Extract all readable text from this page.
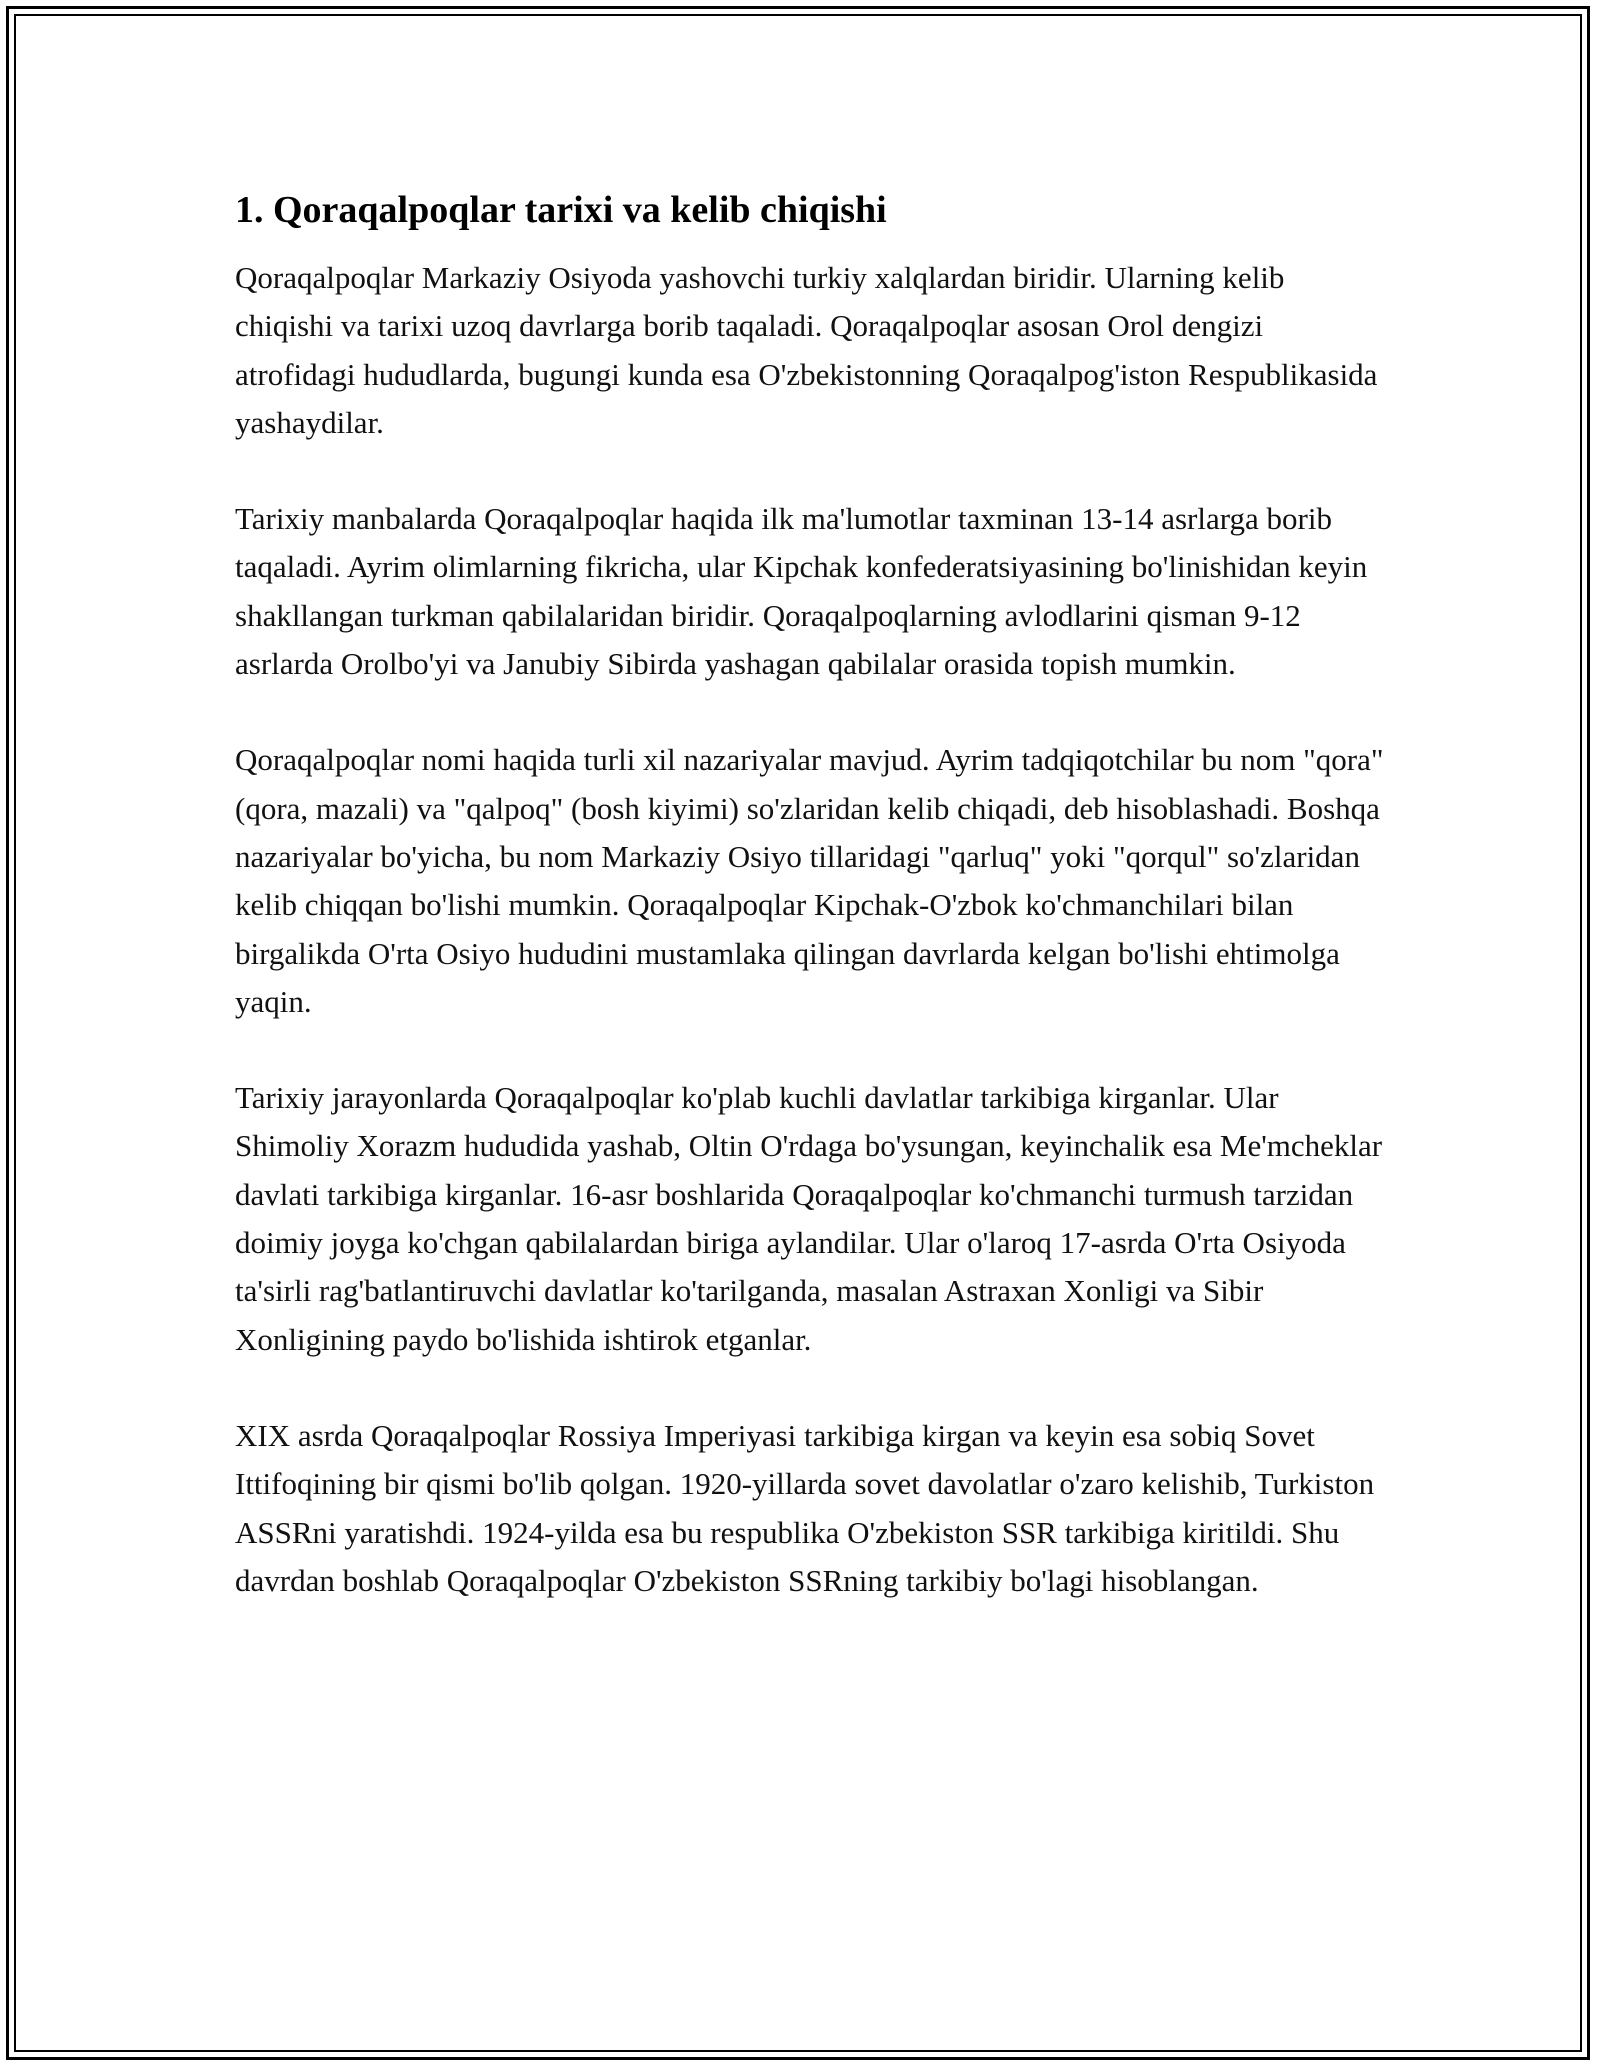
1. Qoraqalpoqlar tarixi va kelib chiqishi

Qoraqalpoqlar Markaziy Osiyoda yashovchi turkiy xalqlardan biridir. Ularning kelib chiqishi va tarixi uzoq davrlarga borib taqaladi. Qoraqalpoqlar asosan Orol dengizi atrofidagi hududlarda, bugungi kunda esa O'zbekistonning Qoraqalpog'iston Respublikasida yashaydilar.

Tarixiy manbalarda Qoraqalpoqlar haqida ilk ma'lumotlar taxminan 13-14 asrlarga borib taqaladi. Ayrim olimlarning fikricha, ular Kipchak konfederatsiyasining bo'linishidan keyin shakllangan turkman qabilalaridan biridir. Qoraqalpoqlarning avlodlarini qisman 9-12 asrlarda Orolbo'yi va Janubiy Sibirda yashagan qabilalar orasida topish mumkin.

Qoraqalpoqlar nomi haqida turli xil nazariyalar mavjud. Ayrim tadqiqotchilar bu nom "qora" (qora, mazali) va "qalpoq" (bosh kiyimi) so'zlaridan kelib chiqadi, deb hisoblashadi. Boshqa nazariyalar bo'yicha, bu nom Markaziy Osiyo tillaridagi "qarluq" yoki "qorqul" so'zlaridan kelib chiqqan bo'lishi mumkin. Qoraqalpoqlar Kipchak-O'zbok ko'chmanchilari bilan birgalikda O'rta Osiyo hududini mustamlaka qilingan davrlarda kelgan bo'lishi ehtimolga yaqin.

Tarixiy jarayonlarda Qoraqalpoqlar ko'plab kuchli davlatlar tarkibiga kirganlar. Ular Shimoliy Xorazm hududida yashab, Oltin O'rdaga bo'ysungan, keyinchalik esa Me'mcheklar davlati tarkibiga kirganlar. 16-asr boshlarida Qoraqalpoqlar ko'chmanchi turmush tarzidan doimiy joyga ko'chgan qabilalardan biriga aylandilar. Ular o'laroq 17-asrda O'rta Osiyoda ta'sirli rag'batlantiruvchi davlatlar ko'tarilganda, masalan Astraxan Xonligi va Sibir Xonligining paydo bo'lishida ishtirok etganlar.

XIX asrda Qoraqalpoqlar Rossiya Imperiyasi tarkibiga kirgan va keyin esa sobiq Sovet Ittifoqining bir qismi bo'lib qolgan. 1920-yillarda sovet davolatlar o'zaro kelishib, Turkiston ASSRni yaratishdi. 1924-yilda esa bu respublika O'zbekiston SSR tarkibiga kiritildi. Shu davrdan boshlab Qoraqalpoqlar O'zbekiston SSRning tarkibiy bo'lagi hisoblangan.
